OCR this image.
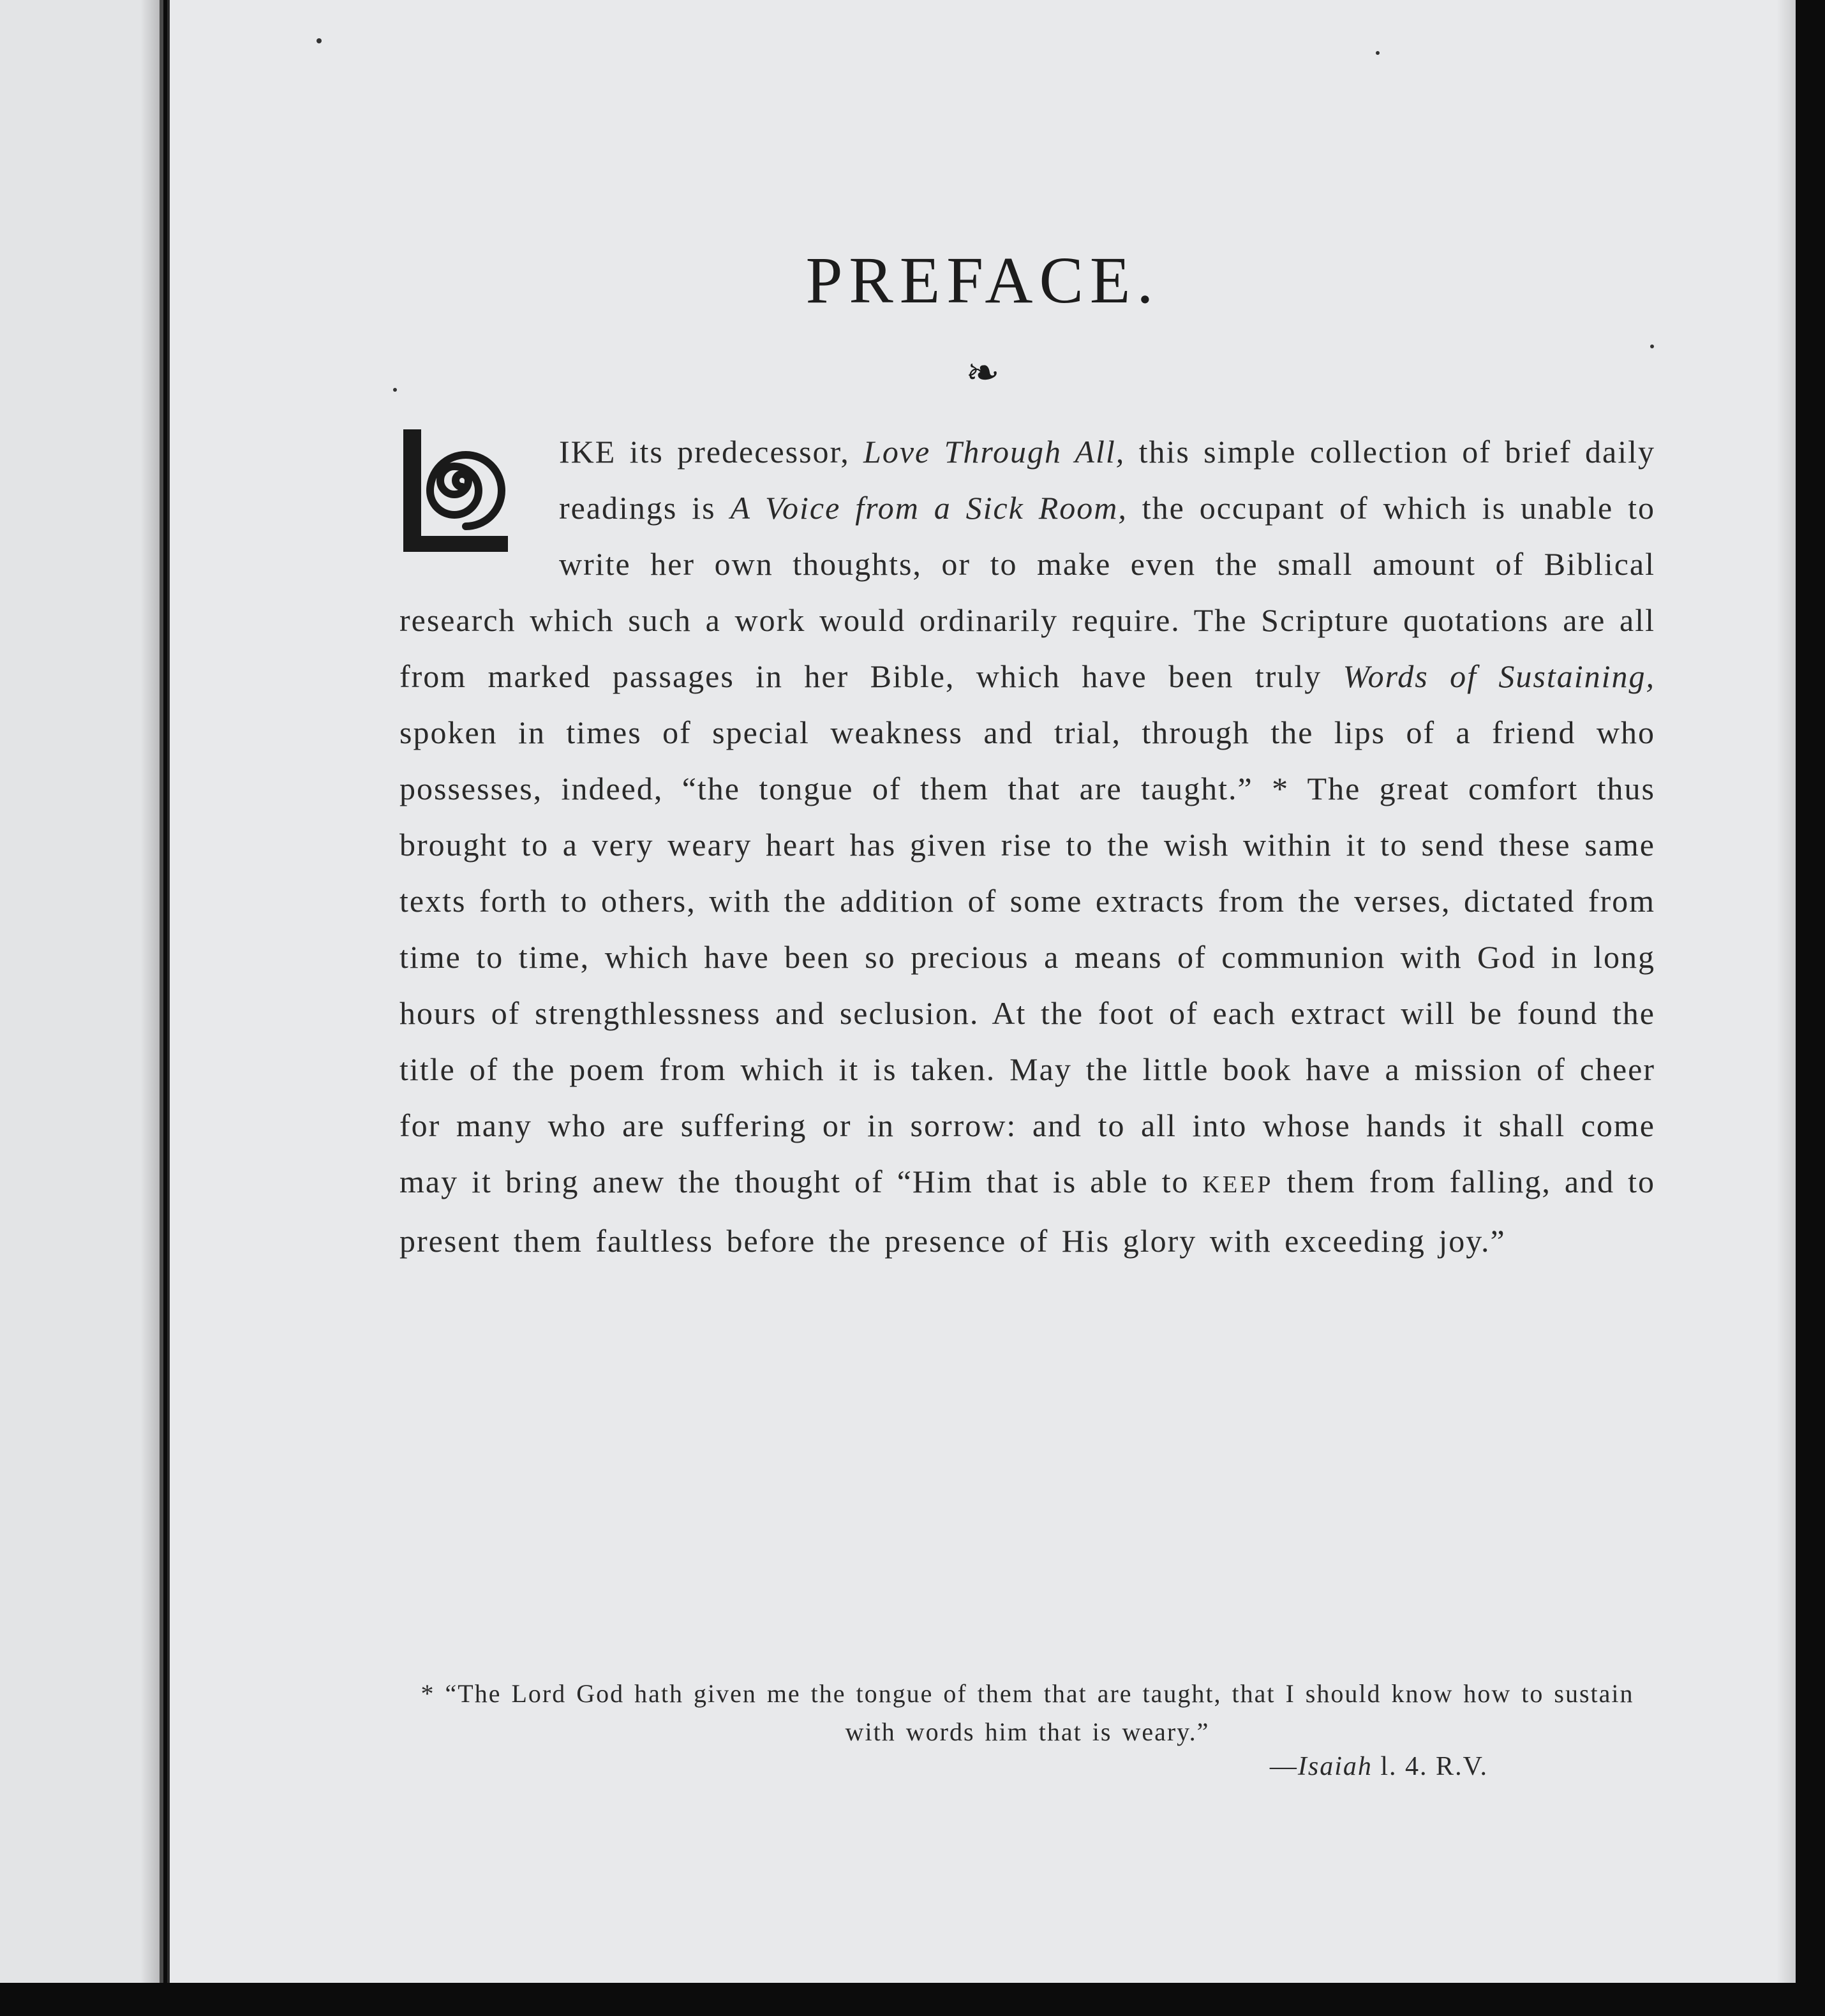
PREFACE.
❧
IKE its predecessor, Love Through All, this simple collection of brief daily readings is A Voice from a Sick Room, the occupant of which is unable to write her own thoughts, or to make even the small amount of Biblical research which such a work would ordinarily require. The Scripture quotations are all from marked passages in her Bible, which have been truly Words of Sustaining, spoken in times of special weakness and trial, through the lips of a friend who possesses, indeed, “the tongue of them that are taught.” * The great comfort thus brought to a very weary heart has given rise to the wish within it to send these same texts forth to others, with the addition of some extracts from the verses, dictated from time to time, which have been so precious a means of communion with God in long hours of strengthlessness and seclusion. At the foot of each extract will be found the title of the poem from which it is taken. May the little book have a mission of cheer for many who are suffering or in sorrow: and to all into whose hands it shall come may it bring anew the thought of “Him that is able to KEEP them from falling, and to present them faultless before the presence of His glory with exceeding joy.”
* “The Lord God hath given me the tongue of them that are taught, that I should know how to sustain with words him that is weary.”
—Isaiah l. 4. R.V.
